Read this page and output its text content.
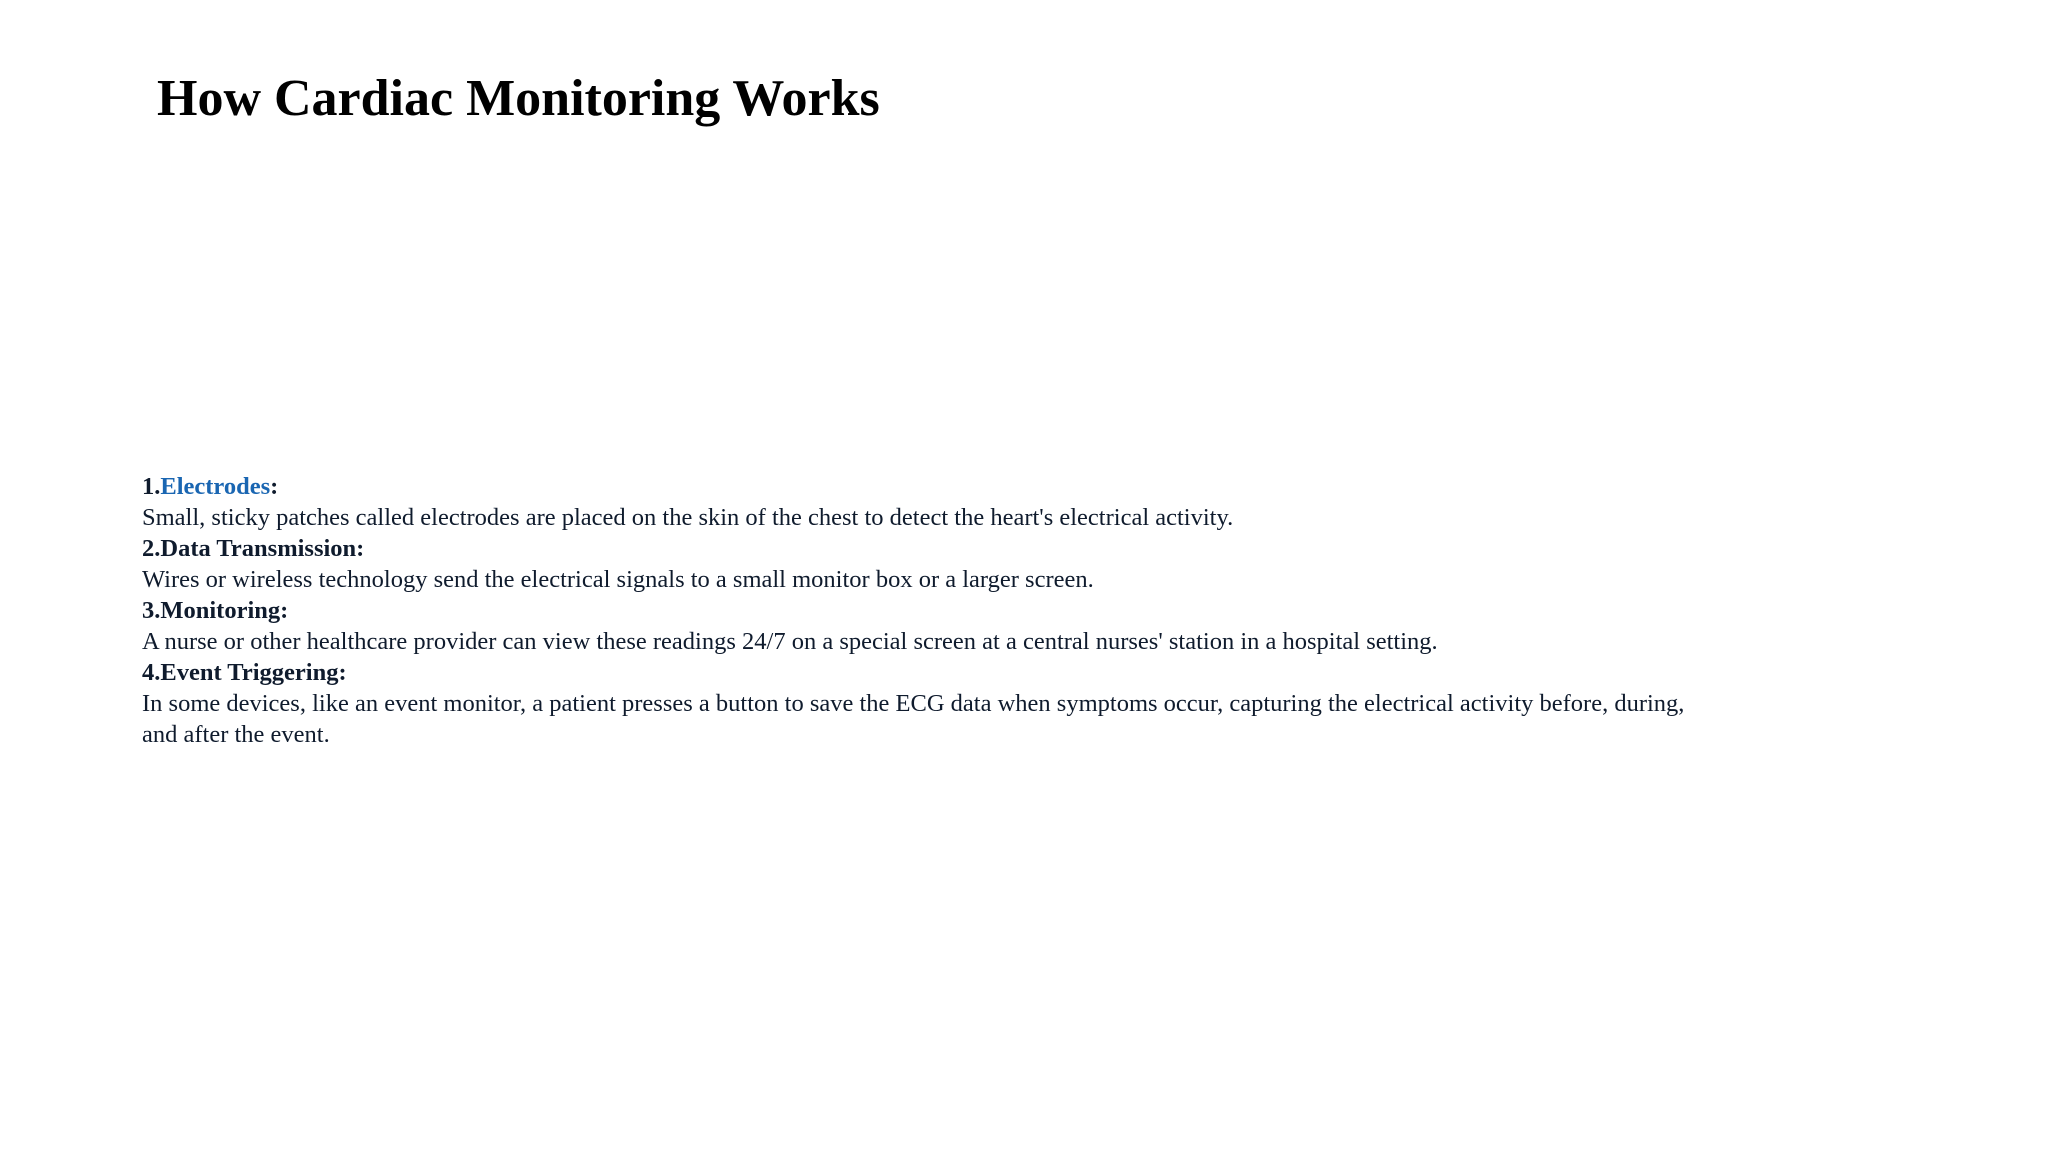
How Cardiac Monitoring Works
1.Electrodes:
Small, sticky patches called electrodes are placed on the skin of the chest to detect the heart's electrical activity.
2.Data Transmission:
Wires or wireless technology send the electrical signals to a small monitor box or a larger screen.
3.Monitoring:
A nurse or other healthcare provider can view these readings 24/7 on a special screen at a central nurses' station in a hospital setting.
4.Event Triggering:
In some devices, like an event monitor, a patient presses a button to save the ECG data when symptoms occur, capturing the electrical activity before, during, and after the event.
